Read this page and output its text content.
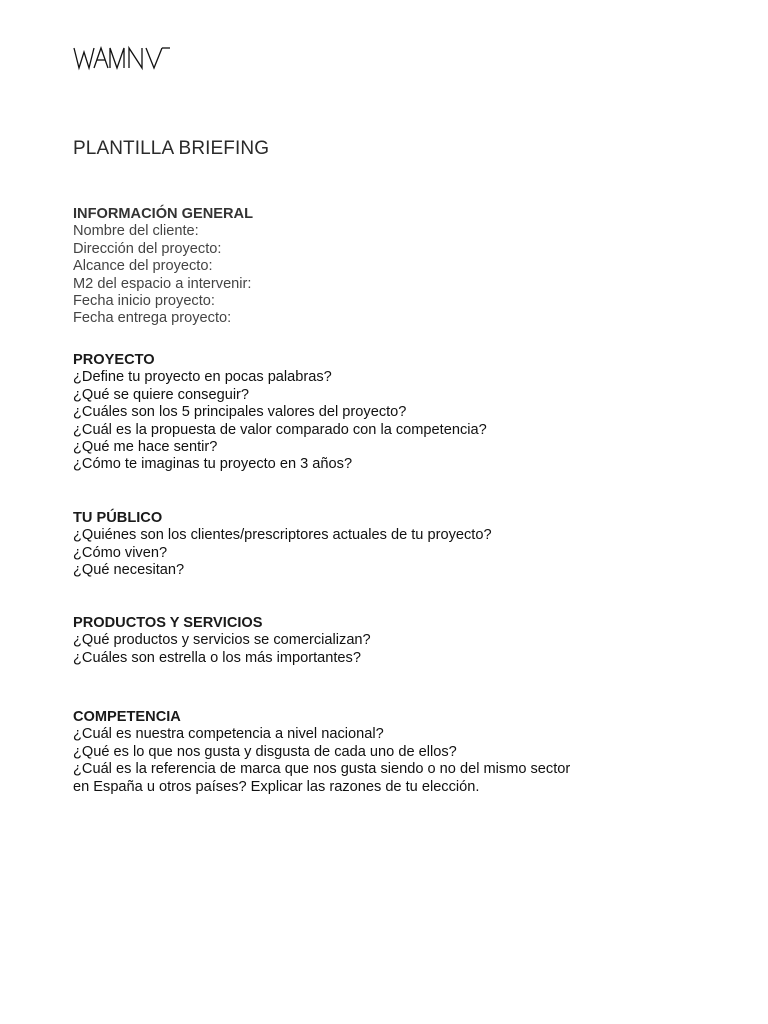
PLANTILLA BRIEFING

INFORMACIÓN GENERAL

Nombre del cliente:
Dirección del proyecto:
Alcance del proyecto:
M2 del espacio a intervenir:
Fecha inicio proyecto:
Fecha entrega proyecto:

PROYECTO

¿Define tu proyecto en pocas palabras?
¿Qué se quiere conseguir?
¿Cuáles son los 5 principales valores del proyecto?
¿Cuál es la propuesta de valor comparado con la competencia?
¿Qué me hace sentir?
¿Cómo te imaginas tu proyecto en 3 años?

TU PÚBLICO

¿Quiénes son los clientes/prescriptores actuales de tu proyecto?
¿Cómo viven?
¿Qué necesitan?

PRODUCTOS Y SERVICIOS

¿Qué productos y servicios se comercializan?
¿Cuáles son estrella o los más importantes?

COMPETENCIA

¿Cuál es nuestra competencia a nivel nacional?
¿Qué es lo que nos gusta y disgusta de cada uno de ellos?
¿Cuál es la referencia de marca que nos gusta siendo o no del mismo sector
en España u otros países? Explicar las razones de tu elección.
